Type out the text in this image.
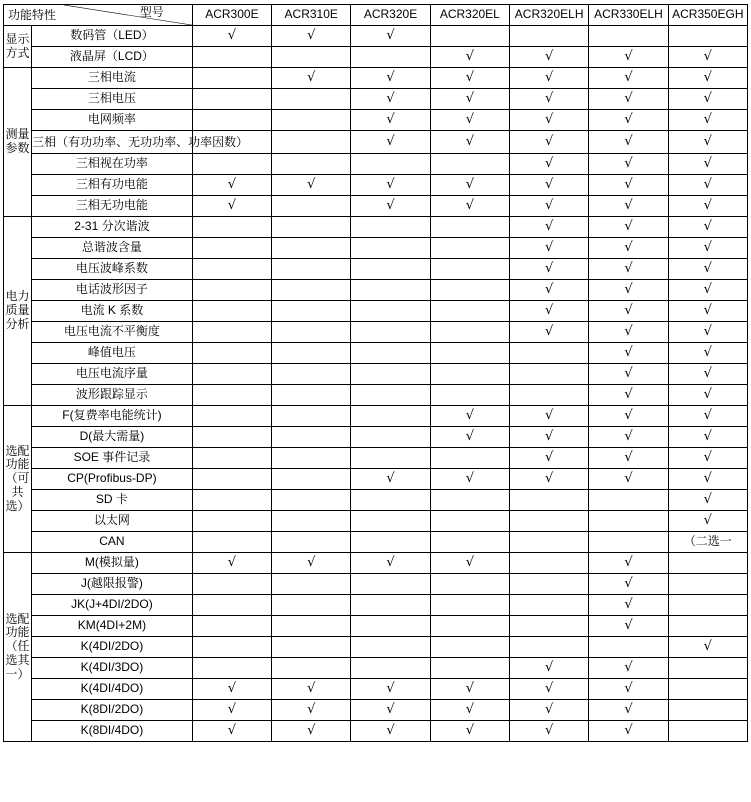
型号
功能特性		ACR300E	ACR310E	ACR320E	ACR320EL	ACR320ELH	ACR330ELH	ACR350EGH

显示方式	数码管（LED）	√	√	√				
	液晶屏（LCD）				√	√	√	√

测量参数	三相电流		√	√	√	√	√	√
	三相电压			√	√	√	√	√
	电网频率			√	√	√	√	√
	三相（有功功率、无功功率、功率因数）			√	√	√	√	√
	三相视在功率					√	√	√
	三相有功电能	√	√	√	√	√	√	√
	三相无功电能	√		√	√	√	√	√

电力质量分析	2-31 分次谐波					√	√	√
	总谐波含量					√	√	√
	电压波峰系数					√	√	√
	电话波形因子					√	√	√
	电流 K 系数					√	√	√
	电压电流不平衡度					√	√	√
	峰值电压						√	√
	电压电流序量						√	√
	波形跟踪显示						√	√

选配功能（可共选）	F(复费率电能统计)				√	√	√	√
	D(最大需量)				√	√	√	√
	SOE 事件记录					√	√	√
	CP(Profibus-DP)			√	√	√	√	√
	SD 卡							√
	以太网							√
	CAN							（二选一

选配功能（任选其一）	M(模拟量)	√	√	√	√		√	
	J(越限报警)						√	
	JK(J+4DI/2DO)						√	
	KM(4DI+2M)						√	
	K(4DI/2DO)							√
	K(4DI/3DO)					√	√	
	K(4DI/4DO)	√	√	√	√	√	√	
	K(8DI/2DO)	√	√	√	√	√	√	
	K(8DI/4DO)	√	√	√	√	√	√	
